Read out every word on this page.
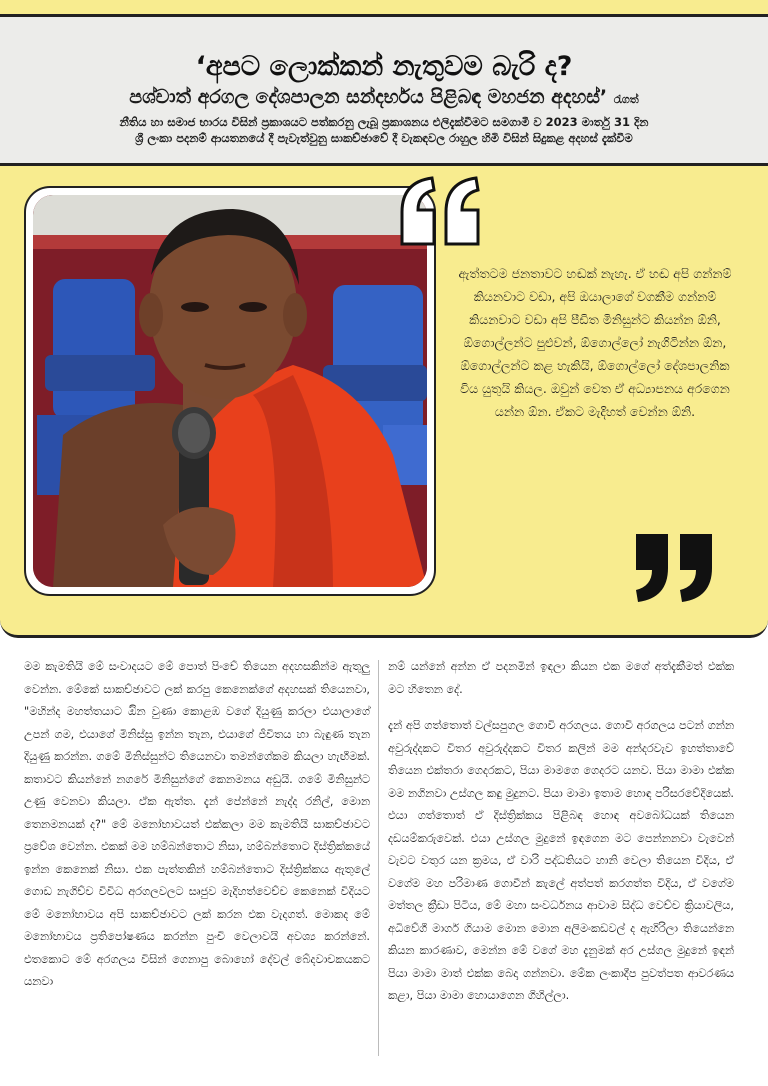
‘අපට ලොක්කන් නැතුවම බැරි ද?
පශ්චාත් අරගල දේශපාලන සන්දර්භය පිළිබඳ මහජන අදහස්’ රැගත්
නීතිය හා සමාජ භාරය විසින් ප්‍රකාශයට පත්කරනු ලැබූ ප්‍රකාශනය එලිදැක්වීමට සමගාමී ව 2023 මාර්තු 31 දින
ශ්‍රී ලංකා පදනම් ආයතනයේ දී පැවැත්වුනු සාකච්ඡාවේ දී වැකඳවල රාහුල හිමි විසින් සිදුකළ අදහස් දැක්වීම
ඇත්තටම ජනතාවට හඬක් නැහැ. ඒ හඬ අපි ගන්නම් කියනවාට වඩා, අපි ඔයාලාගේ වගකීම ගන්නම් කියනවාට වඩා අපි පීඩිත මිනිසුන්ට කියන්න ඕනි, ඕගොල්ලන්ට පුළුවන්, ඕගොල්ලෝ නැගිටින්න ඕන, ඕගොල්ලන්ට කළ හැකියි, ඕගොල්ලෝ දේශපාලනික විය යුතුයි කියල. ඔවුන් වෙත ඒ අධ්‍යාපනය අරගෙන යන්න ඕන. ඒකට මැදිහත් වෙන්න ඕනි.

මම කැමතියි මේ සංවාදයට මේ පොත් පිංචේ තියෙන අදහසකින්ම ඇතුලු වෙන්න. මේකේ සාකච්ඡාවට ලක් කරපු කෙනෙක්ගේ අදහසක් තියෙනවා, "මහින්ද මහත්තයාට ඔින වුණා කොළඹ වගේ දියුණු කරලා එයාලාගේ උපන් ගම, එයාගේ මිනිස්සු ඉන්න තැන, එයාගේ ජීවිතය හා බැඳුණ තැන දියුණු කරන්න. ගමේ මිනිස්සුන්ට තියෙනවා තමන්ගේකම කියලා හැඟීමක්. කතාවට කියන්නේ නගරේ මිනිසුන්ගේ කෙනමනය අඩුයි. ගමේ මිනිසුන්ට උණු වෙනවා කියලා. ඒක ඇත්ත. දැන් පේන්නේ නැද්ද රනිල්, මොන තෙනමනයක් ද?" මේ මනෝභාවයත් එක්කලා මම කැමතියි සාකච්ඡාවට ප්‍රවේශ වෙන්න. එකක් මම හම්බන්තොට නිසා, හම්බන්තොට දිස්ත්‍රික්කයේ ඉන්න කෙනෙක් නිසා. එක පැත්තකින් හම්බන්තොට දිස්ත්‍රික්කය ඇතුලේ ගොඩ නැගිච්ච විවිධ අරගලවලට සෘජුව මැදිහත්වෙච්ච කෙනෙක් විදියට මේ මනෝභාවය අපි සාකච්ඡාවට ලක් කරන එක වැදගත්. මොකද මේ මනෝභාවය ප්‍රතිපෝෂණය කරන්න පුංචි වෙලාවයි අවශ්‍ය කරන්නේ. එතකොට මේ අරගලය විසින් ගෙනාපු බොහෝ දේවල් බේදවාචකයකට යනවා

නම් යන්නේ අන්න ඒ පදනමින් ඉඳලා කියන එක මගේ අත්දැකීමත් එක්ක මට හිතෙන දේ.

දැන් අපි ගත්තොත් වල්සපුගල ගොවි අරගලය. ගොවි අරගලය පටන් ගන්න අවුරුද්දකට විතර අවුරුද්දකට විතර කලින් මම අන්දරවැව ඉහත්තාවේ තියෙන එක්තරා ගෙදරකට, පියා මාමගෙ ගෙදරට යනව. පියා මාමා එක්ක මම නගිනවා උස්ගල කඳු මුදුනට. පියා මාමා ඉතාම හොඳ පරිසරවේදියෙක්. එයා ගත්තොත් ඒ දිස්ත්‍රික්කය පිළිබඳ හොඳ අවබෝධයක් තියෙන දඩයම්කරුවෙක්. එයා උස්ගල මුදුනේ ඉඳගෙන මට පෙන්නනවා වැවෙන් වැවට වතුර යන ක්‍රමය, ඒ වාරි පද්ධතියට හානි වෙලා තියෙන විදිය, ඒ වගේම මහ පරිමාණ ගොවීන් කැලේ අත්පත් කරගත්ත විදිය, ඒ වගේම මත්තල ක්‍රීඩා පිටිය, මේ මහා සංවර්ධනය ආවාම සිද්ධ වෙච්ච ක්‍රියාවලිය, අධිවේගී මාර්ග ගියාම මොන මොන අලිමංකඩවල් ද ඇහිරිලා තියෙන්නෙ කියන කාරණාව, මෙන්න මේ වගේ මහ දැනුමක් අර උස්ගල මුදුනේ ඉඳන් පියා මාමා මාත් එක්ක බෙදා ගන්නවා. මේක ලංකාදීප පුවත්පත ආවරණය කළා, පියා මාමා හොයාගෙන ගිහිල්ලා.
